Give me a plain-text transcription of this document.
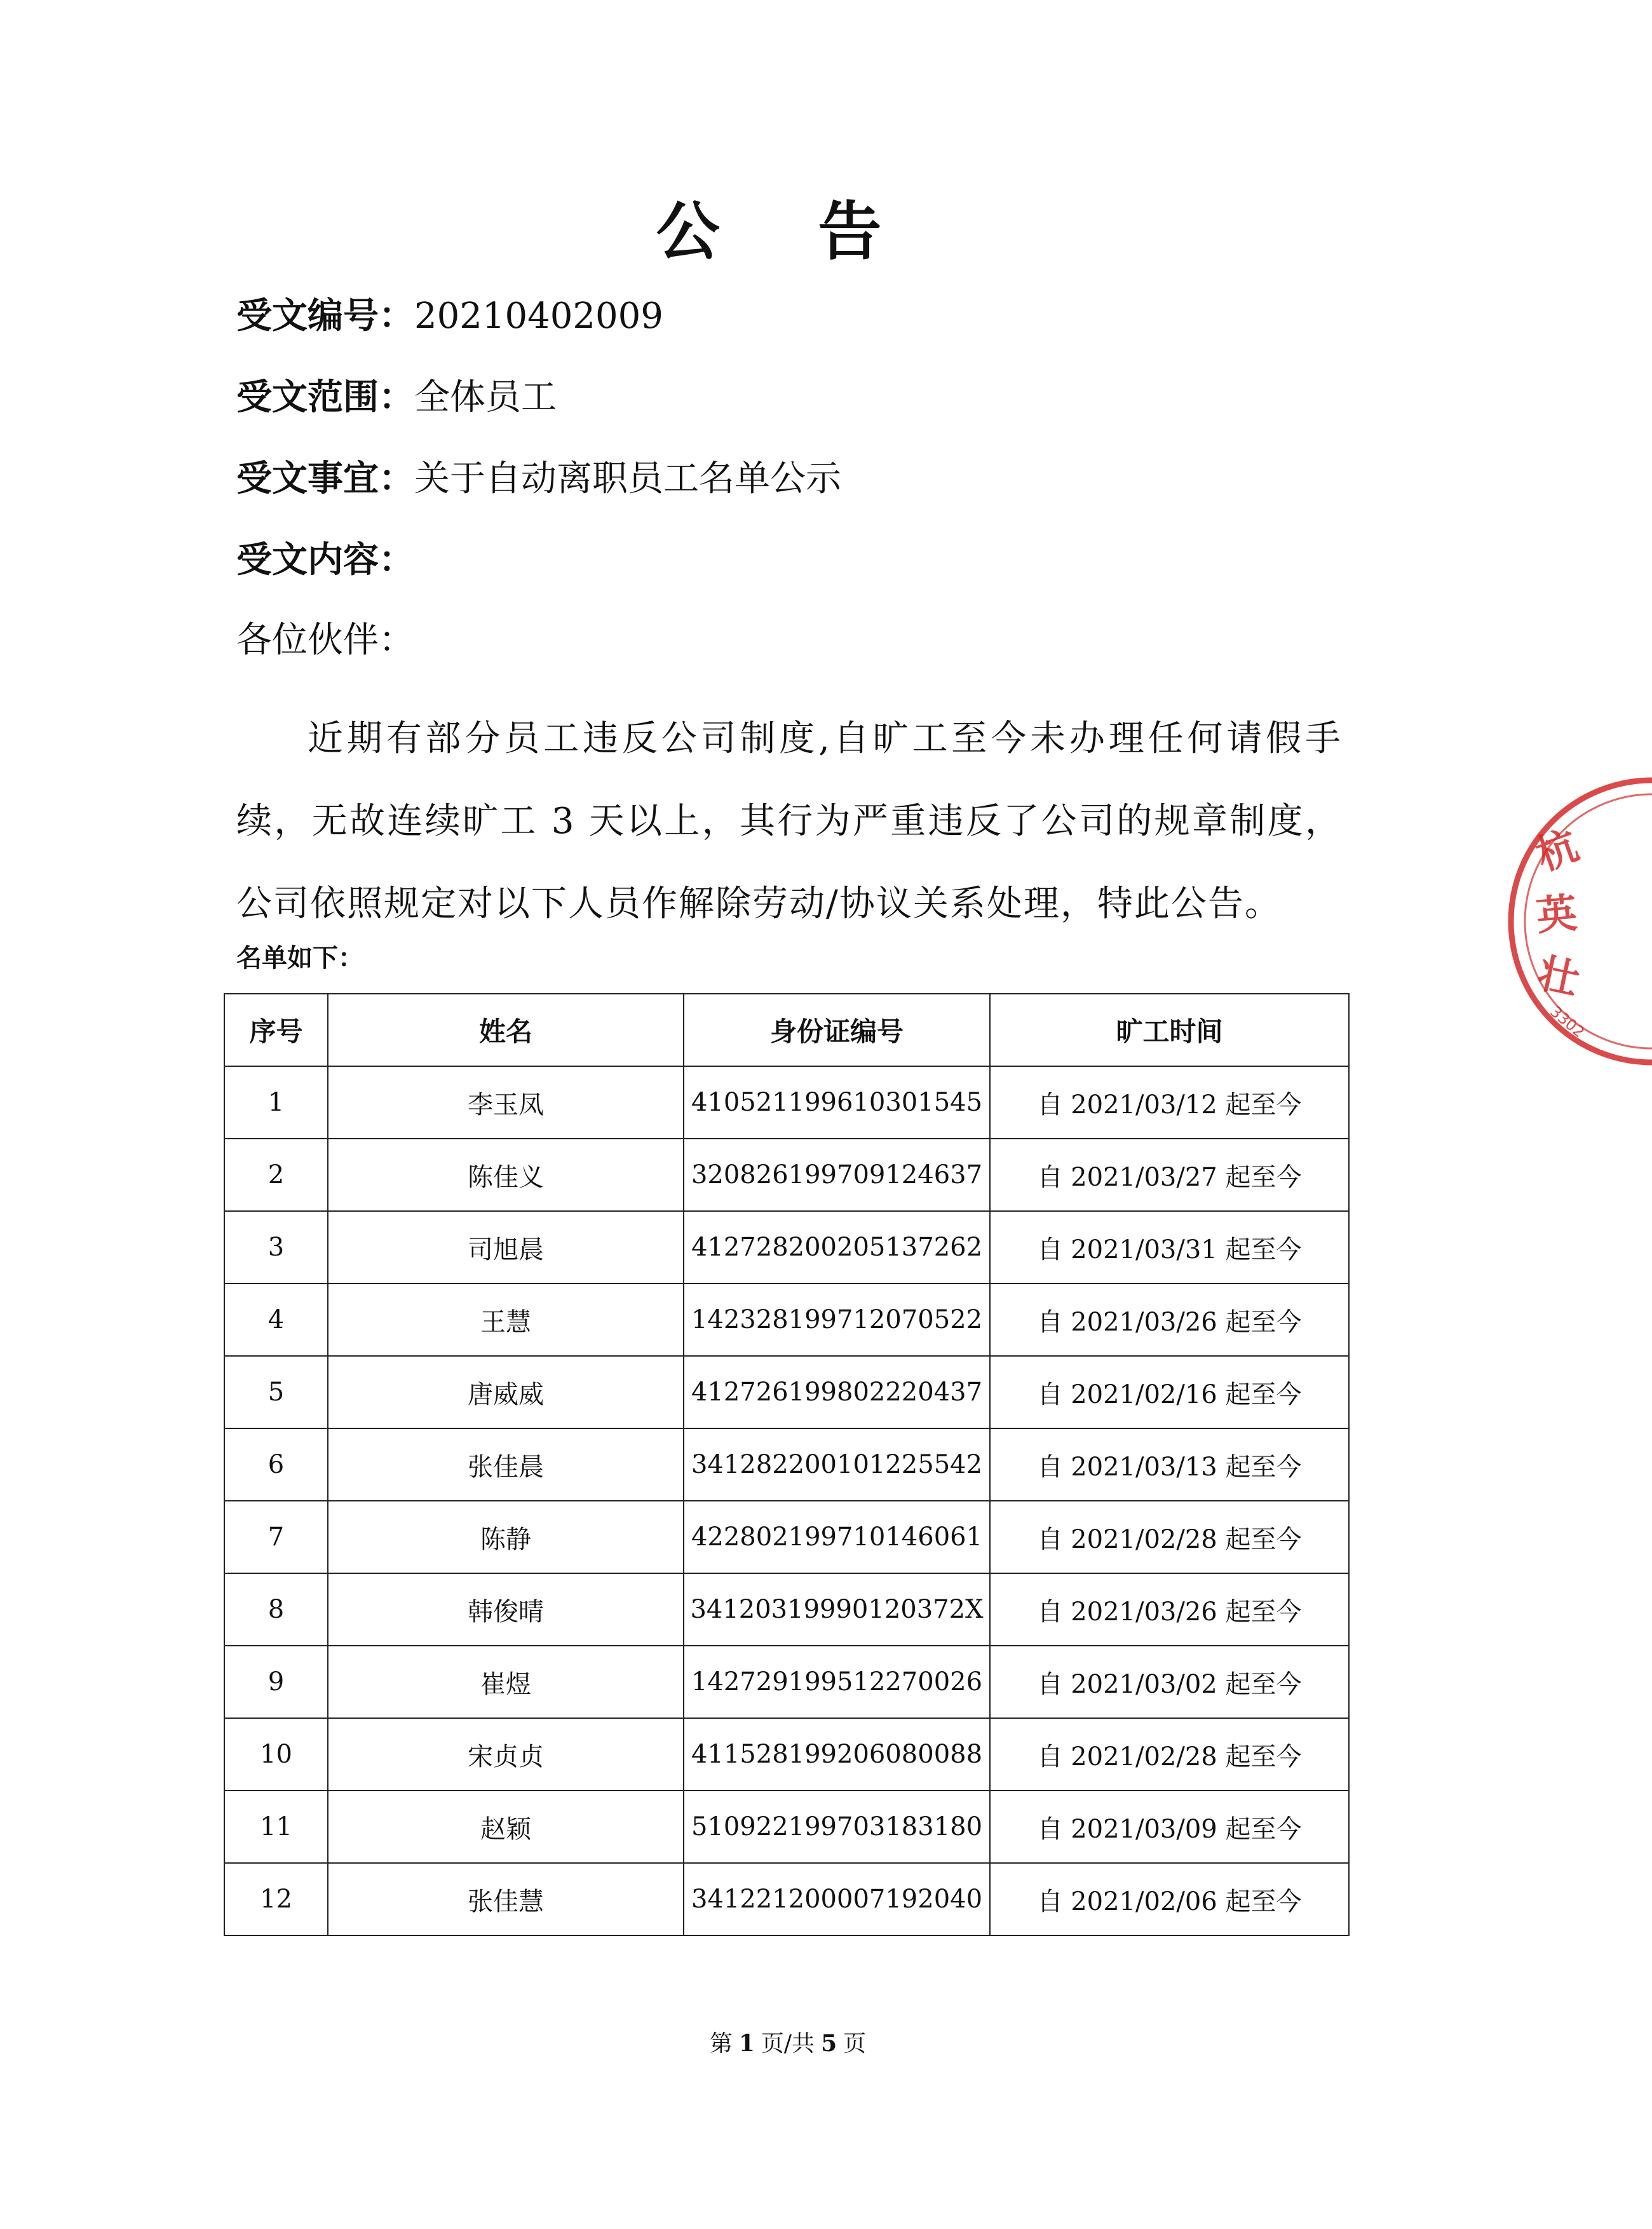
公 告
受文编号：20210402009
受文范围：全体员工
受文事宜：关于自动离职员工名单公示
受文内容：
各位伙伴：
近期有部分员工违反公司制度,自旷工至今未办理任何请假手续，无故连续旷工 3 天以上，其行为严重违反了公司的规章制度，公司依照规定对以下人员作解除劳动/协议关系处理，特此公告。
名单如下：
序号	姓名	身份证编号	旷工时间
1	李玉凤	410521199610301545	自 2021/03/12 起至今
2	陈佳义	320826199709124637	自 2021/03/27 起至今
3	司旭晨	412728200205137262	自 2021/03/31 起至今
4	王慧	142328199712070522	自 2021/03/26 起至今
5	唐威威	412726199802220437	自 2021/02/16 起至今
6	张佳晨	341282200101225542	自 2021/03/13 起至今
7	陈静	422802199710146061	自 2021/02/28 起至今
8	韩俊晴	34120319990120372X	自 2021/03/26 起至今
9	崔煜	142729199512270026	自 2021/03/02 起至今
10	宋贞贞	411528199206080088	自 2021/02/28 起至今
11	赵颖	510922199703183180	自 2021/03/09 起至今
12	张佳慧	341221200007192040	自 2021/02/06 起至今
第 1 页/共 5 页
杭
英
壮
3302
